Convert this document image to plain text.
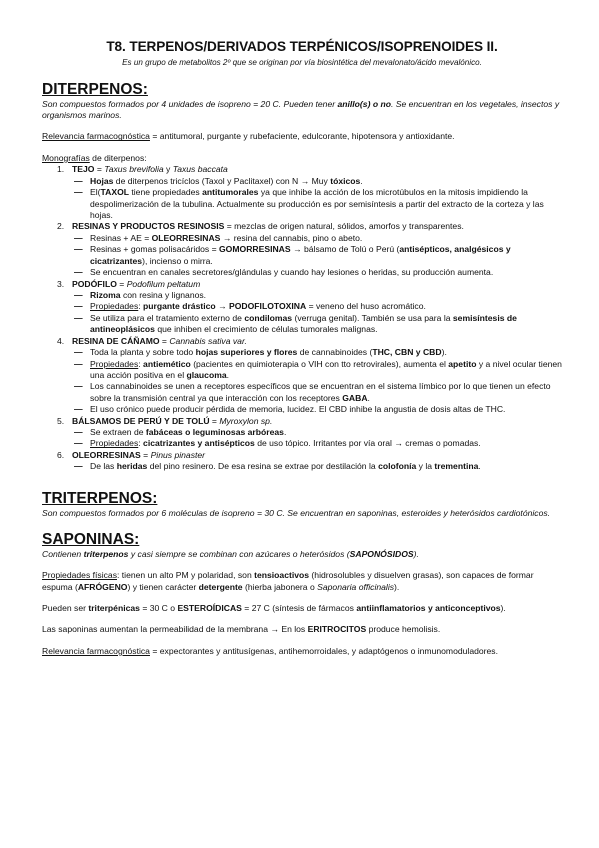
T8. TERPENOS/DERIVADOS TERPÉNICOS/ISOPRENOIDES II.
Es un grupo de metabolitos 2º que se originan por vía biosintética del mevalonato/ácido mevalónico.
DITERPENOS:

Son compuestos formados por 4 unidades de isopreno = 20 C. Pueden tener anillo(s) o no. Se encuentran en los vegetales, insectos y organismos marinos.

Relevancia farmacognóstica = antitumoral, purgante y rubefaciente, edulcorante, hipotensora y antioxidante.

Monografías de diterpenos:

1. TEJO = Taxus brevifolia y Taxus baccata
— Hojas de diterpenos tricíclos (Taxol y Paclitaxel) con N → Muy tóxicos.
— El(TAXOL tiene propiedades antitumorales ya que inhibe la acción de los microtúbulos en la mitosis impidiendo la despolimerización de la tubulina. Actualmente su producción es por semisíntesis a partir del extracto de la corteza y las hojas.
2. RESINAS Y PRODUCTOS RESINOSIS = mezclas de origen natural, sólidos, amorfos y transparentes.
— Resinas + AE = OLEORRESINAS → resina del cannabis, pino o abeto.
— Resinas + gomas polisacáridos = GOMORRESINAS → bálsamo de Tolú o Perú (antisépticos, analgésicos y cicatrizantes), incienso o mirra.
— Se encuentran en canales secretores/glándulas y cuando hay lesiones o heridas, su producción aumenta.
3. PODÓFILO = Podofilum peltatum
— Rizoma con resina y lignanos.
— Propiedades: purgante drástico → PODOFILOTOXINA = veneno del huso acromático.
— Se utiliza para el tratamiento externo de condilomas (verruga genital). También se usa para la semisíntesis de antineoplásicos que inhiben el crecimiento de células tumorales malignas.
4. RESINA DE CÁÑAMO = Cannabis sativa var.
— Toda la planta y sobre todo hojas superiores y flores de cannabinoides (THC, CBN y CBD).
— Propiedades: antiemético (pacientes en quimioterapia o VIH con tto retrovirales), aumenta el apetito y a nivel ocular tienen una acción positiva en el glaucoma.
— Los cannabinoides se unen a receptores específicos que se encuentran en el sistema límbico por lo que tienen un efecto sobre la transmisión central ya que interacción con los receptores GABA.
— El uso crónico puede producir pérdida de memoria, lucidez. El CBD inhibe la angustia de dosis altas de THC.
5. BÁLSAMOS DE PERÚ Y DE TOLÚ = Myroxylon sp.
— Se extraen de fabáceas o leguminosas arbóreas.
— Propiedades: cicatrizantes y antisépticos de uso tópico. Irritantes por vía oral → cremas o pomadas.
6. OLEORRESINAS = Pinus pinaster
— De las heridas del pino resinero. De esa resina se extrae por destilación la colofonía y la trementina.
TRITERPENOS:

Son compuestos formados por 6 moléculas de isopreno = 30 C. Se encuentran en saponinas, esteroides y heterósidos cardiotónicos.

SAPONINAS:

Contienen triterpenos y casi siempre se combinan con azúcares o heterósidos (SAPONÓSIDOS).

Propiedades físicas: tienen un alto PM y polaridad, son tensioactivos (hidrosolubles y disuelven grasas), son capaces de formar espuma (AFRÓGENO) y tienen carácter detergente (hierba jabonera o Saponaria officinalis).

Pueden ser triterpénicas = 30 C o ESTEROÍDICAS = 27 C (síntesis de fármacos antiinflamatorios y anticonceptivos).

Las saponinas aumentan la permeabilidad de la membrana → En los ERITROCITOS produce hemolisis.

Relevancia farmacognóstica = expectorantes y antitusígenas, antihemorroidales, y adaptógenos o inmunomoduladores.
